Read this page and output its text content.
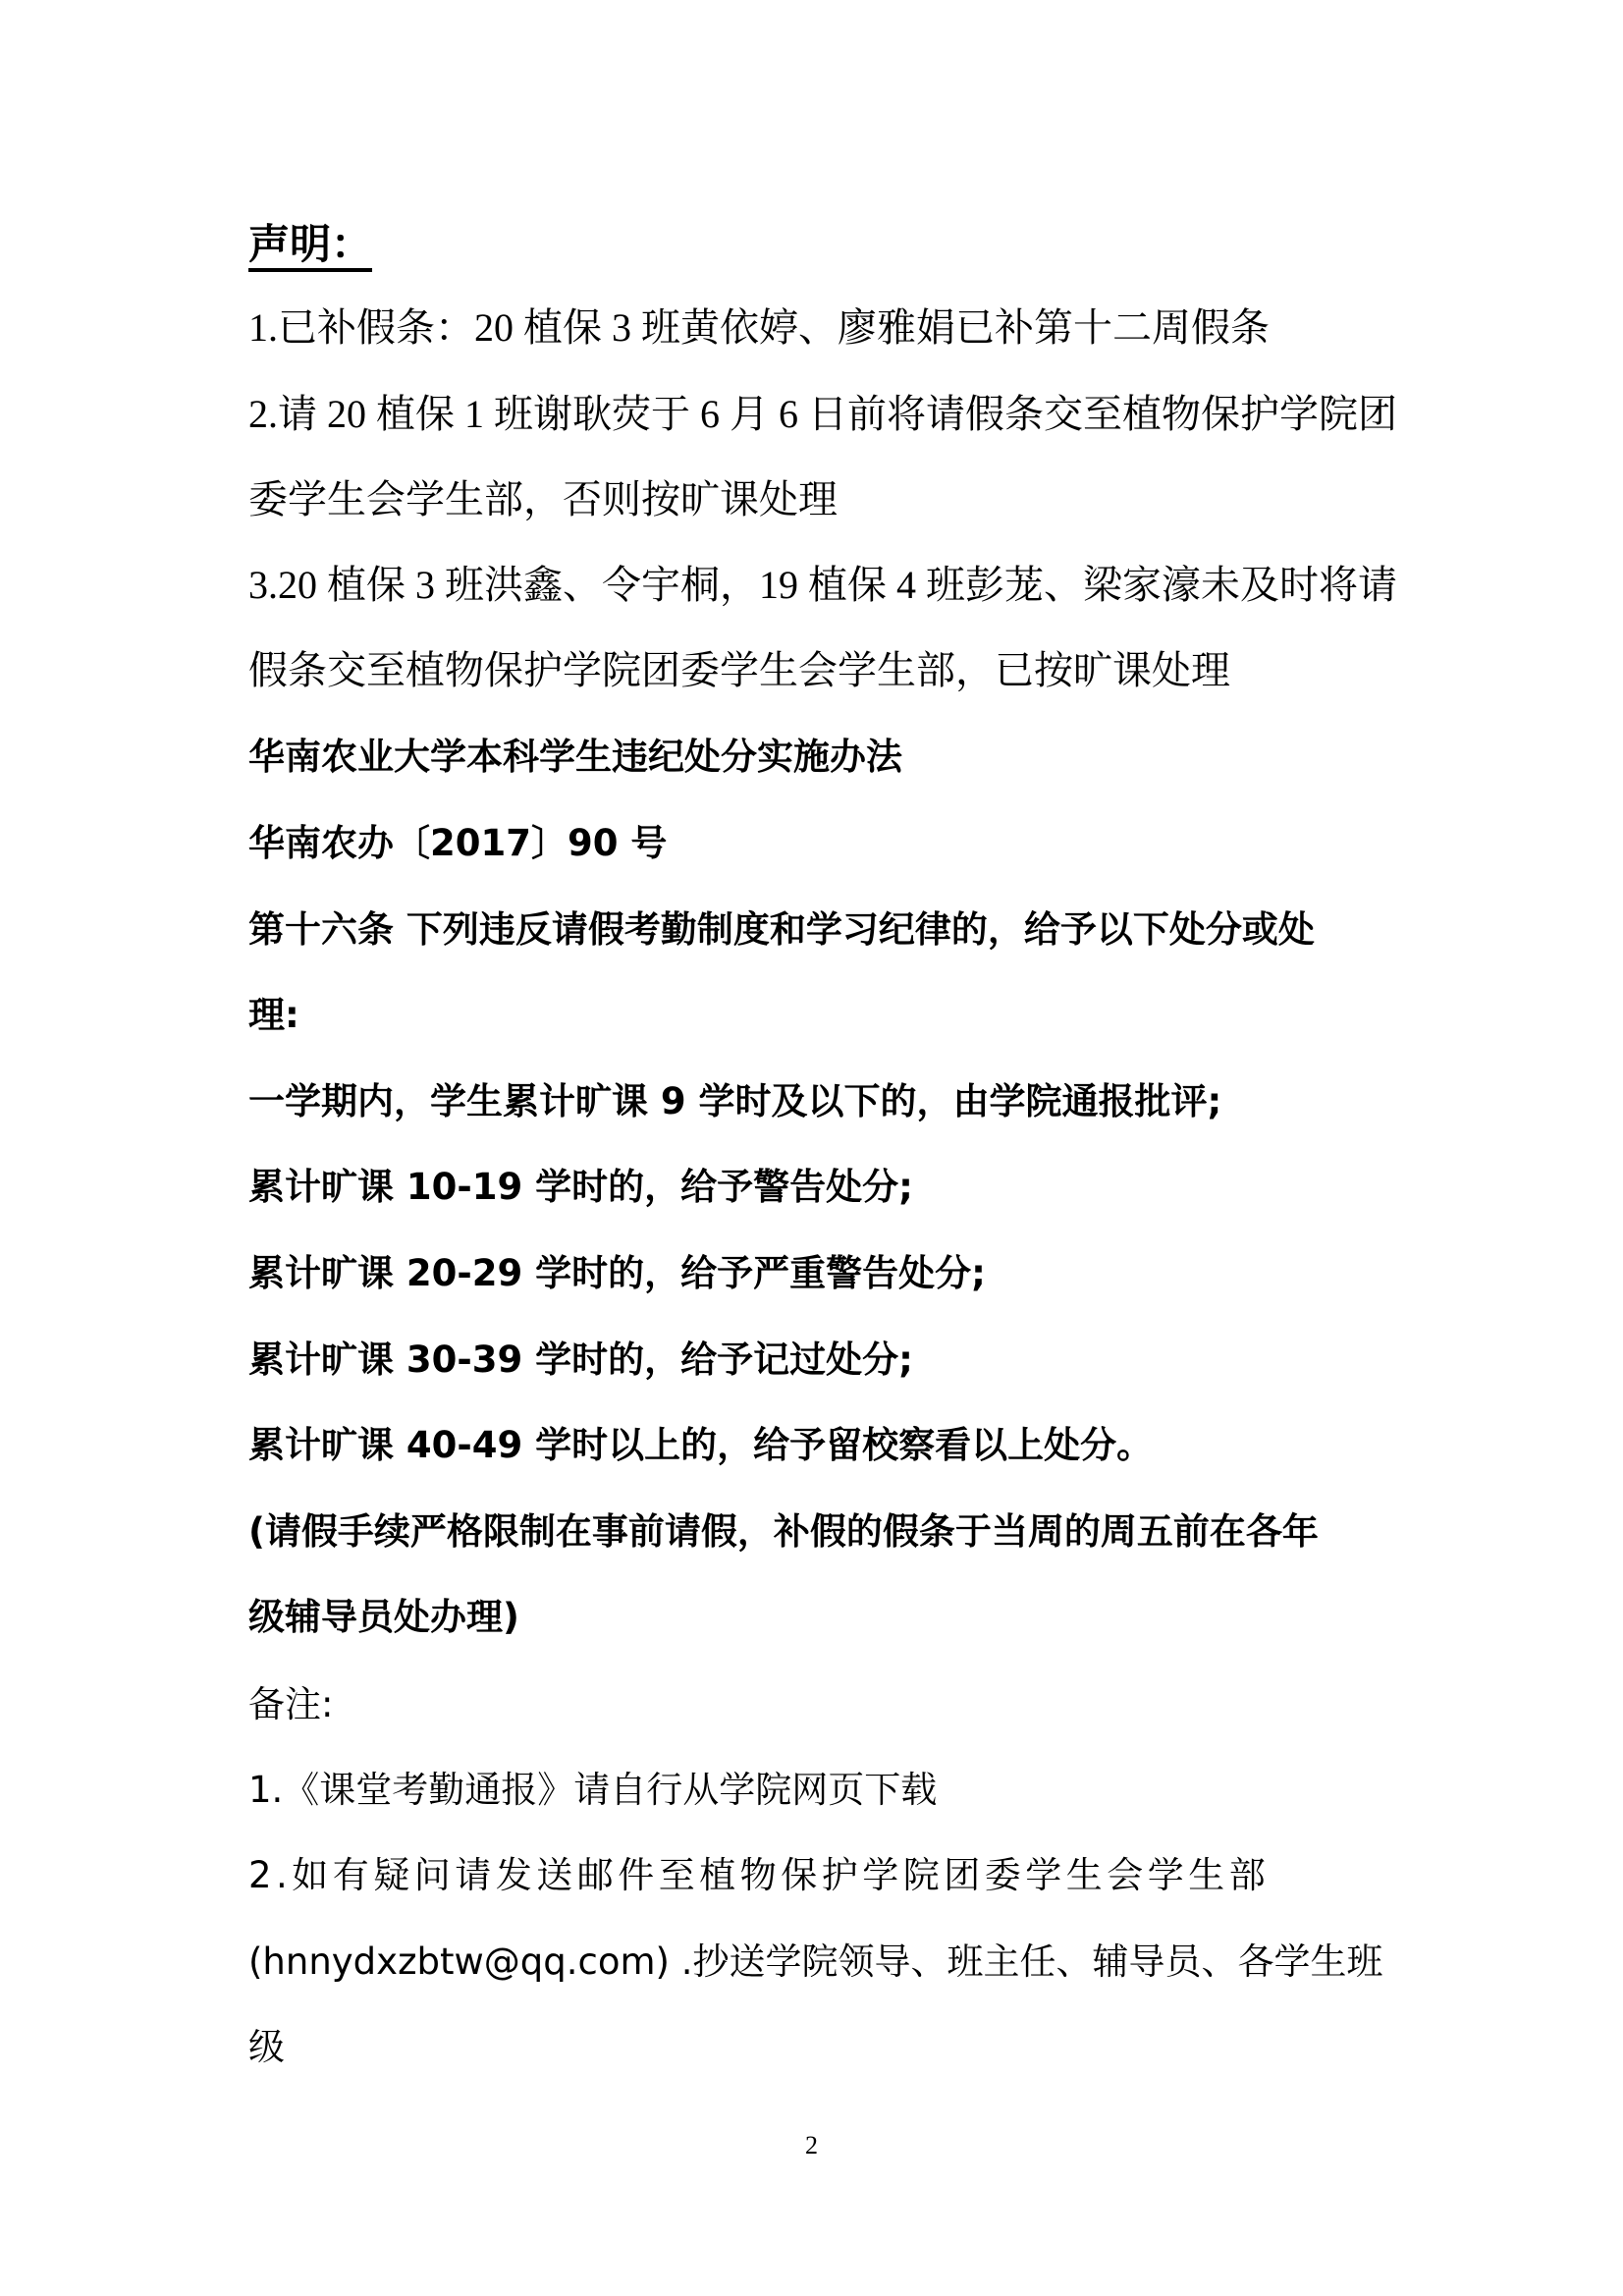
声明：
1.已补假条：20 植保 3 班黄依婷、廖雅娟已补第十二周假条
2.请 20 植保 1 班谢耿荧于 6 月 6 日前将请假条交至植物保护学院团
委学生会学生部，否则按旷课处理
3.20 植保 3 班洪鑫、令宇桐，19 植保 4 班彭茏、梁家濠未及时将请
假条交至植物保护学院团委学生会学生部，已按旷课处理
华南农业大学本科学生违纪处分实施办法
华南农办〔2017〕90 号
第十六条 下列违反请假考勤制度和学习纪律的，给予以下处分或处
理:
一学期内，学生累计旷课 9 学时及以下的，由学院通报批评;
累计旷课 10-19 学时的，给予警告处分;
累计旷课 20-29 学时的，给予严重警告处分;
累计旷课 30-39 学时的，给予记过处分;
累计旷课 40-49 学时以上的，给予留校察看以上处分。
(请假手续严格限制在事前请假，补假的假条于当周的周五前在各年
级辅导员处办理)
备注:
1.《课堂考勤通报》请自行从学院网页下载
2.如有疑问请发送邮件至植物保护学院团委学生会学生部
(hnnydxzbtw@qq.com) .抄送学院领导、班主任、辅导员、各学生班
级
2
